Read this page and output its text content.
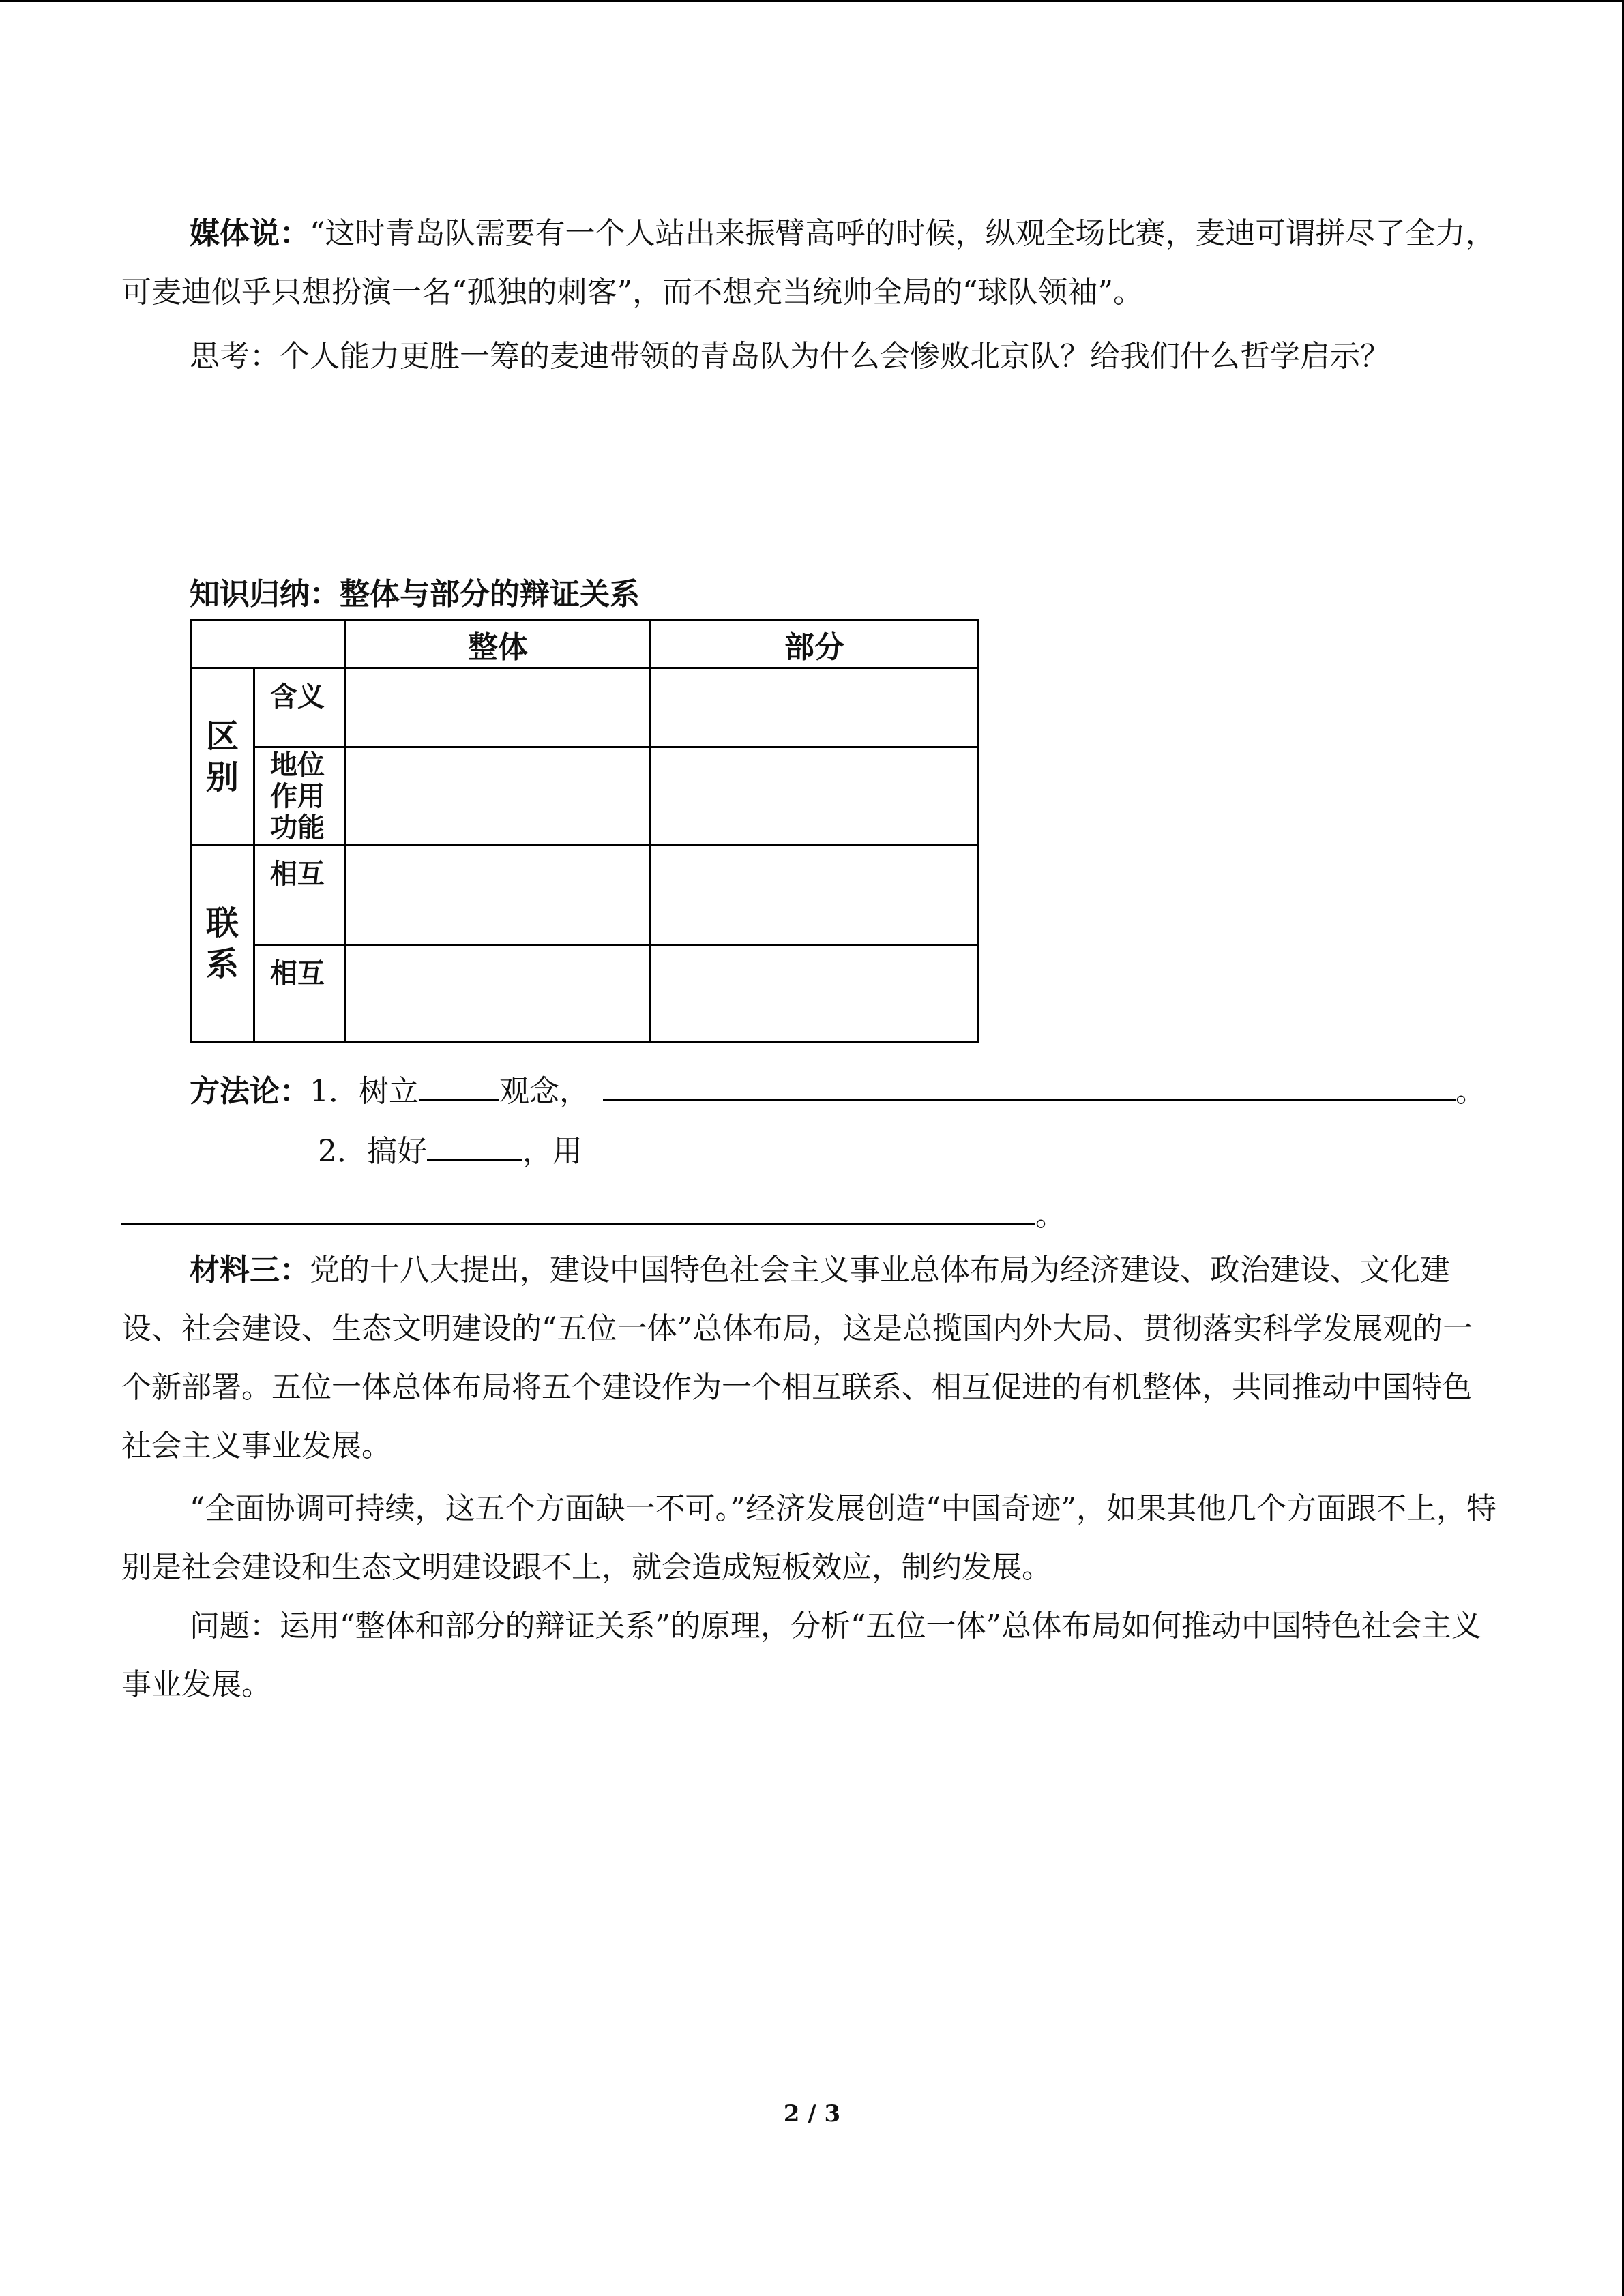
媒体说：“这时青岛队需要有一个人站出来振臂高呼的时候，纵观全场比赛，麦迪可谓拼尽了全力，可麦迪似乎只想扮演一名“孤独的刺客”，而不想充当统帅全局的“球队领袖”。

思考：个人能力更胜一筹的麦迪带领的青岛队为什么会惨败北京队？给我们什么哲学启示？

知识归纳：整体与部分的辩证关系
		整体	部分
区别	含义		
	地位
作用
功能		
联系	相互		
	相互		
方法论：1．树立	观念，	。
2．搞好	，用
。

材料三：党的十八大提出，建设中国特色社会主义事业总体布局为经济建设、政治建设、文化建设、社会建设、生态文明建设的“五位一体”总体布局，这是总揽国内外大局、贯彻落实科学发展观的一个新部署。五位一体总体布局将五个建设作为一个相互联系、相互促进的有机整体，共同推动中国特色社会主义事业发展。

“全面协调可持续，这五个方面缺一不可。”经济发展创造“中国奇迹”，如果其他几个方面跟不上，特别是社会建设和生态文明建设跟不上，就会造成短板效应，制约发展。

问题：运用“整体和部分的辩证关系”的原理，分析“五位一体”总体布局如何推动中国特色社会主义事业发展。

2 / 3
